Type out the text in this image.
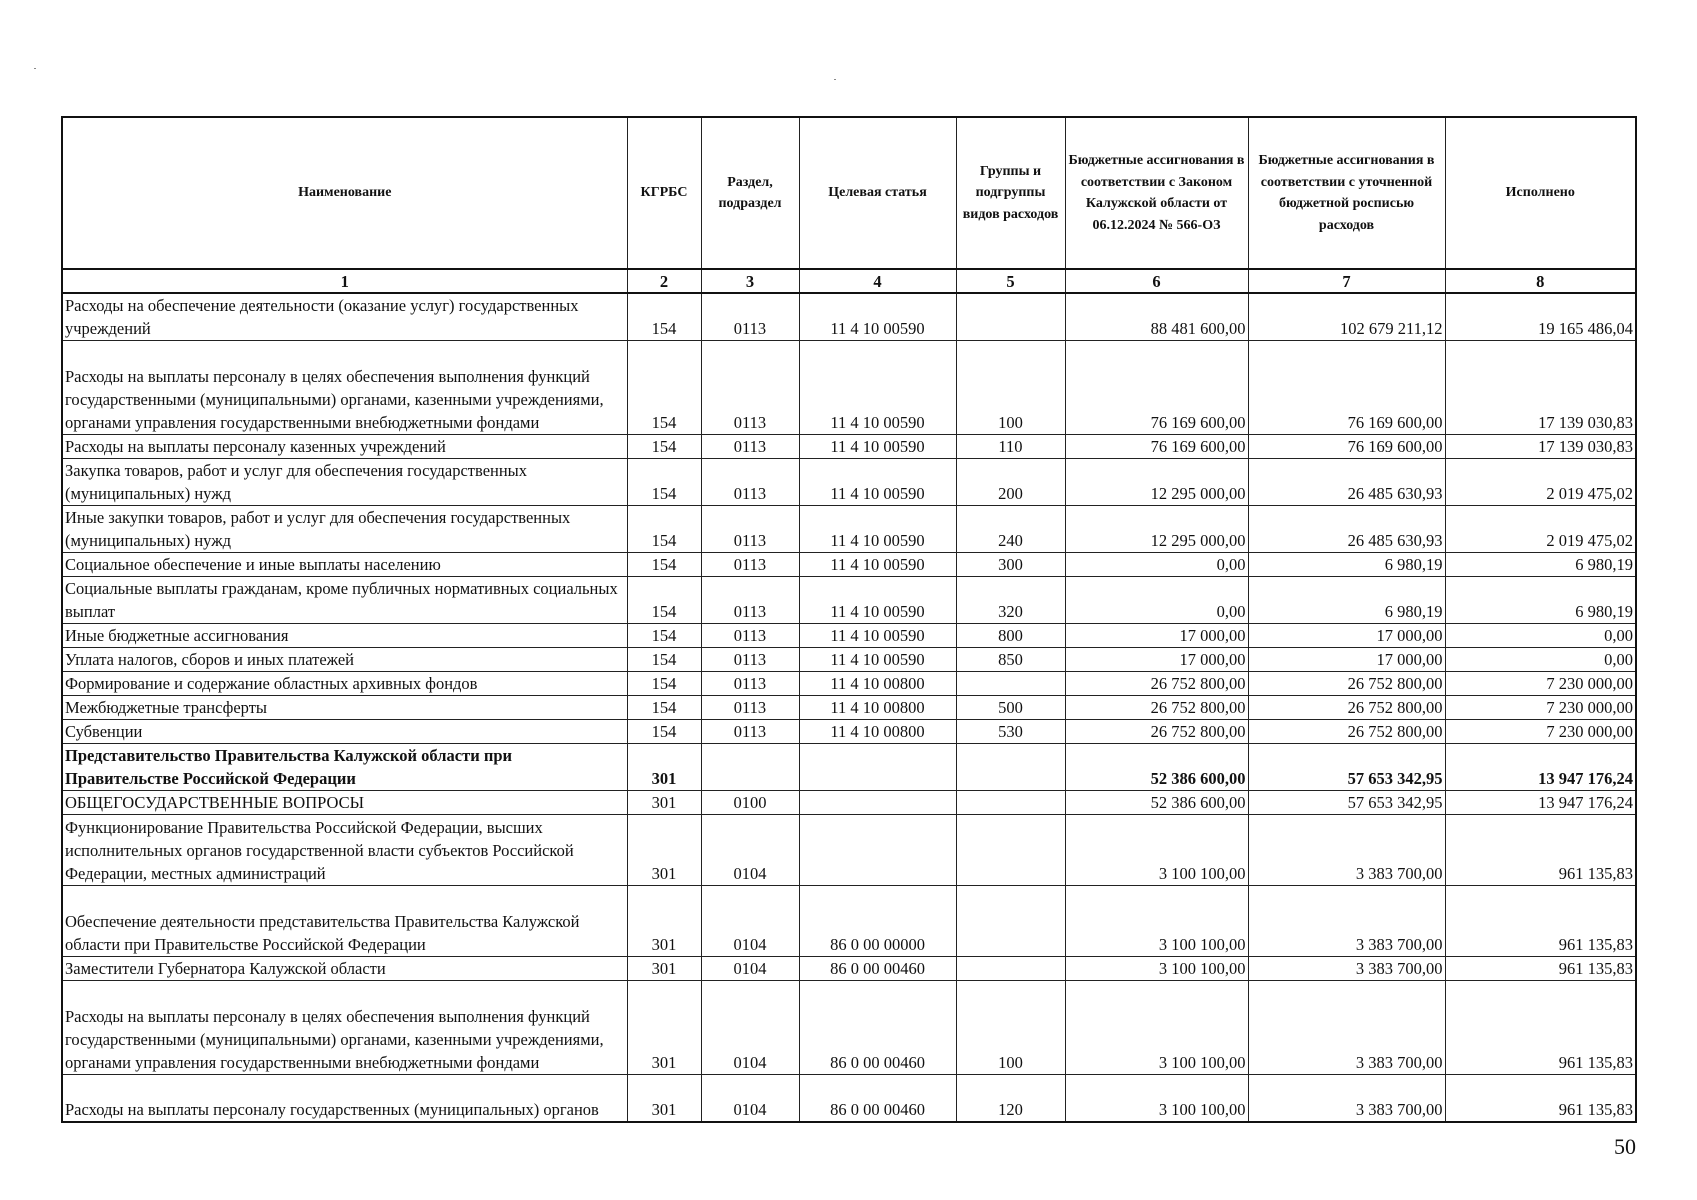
Наименование	КГРБС	Раздел, подраздел	Целевая статья	Группы и подгруппы видов расходов	Бюджетные ассигнования в соответствии с Законом Калужской области от 06.12.2024 № 566-ОЗ	Бюджетные ассигнования в соответствии с уточненной бюджетной росписью расходов	Исполнено
1	2	3	4	5	6	7	8
Расходы на обеспечение деятельности (оказание услуг) государственных учреждений	154	0113	11 4 10 00590		88 481 600,00	102 679 211,12	19 165 486,04
Расходы на выплаты персоналу в целях обеспечения выполнения функций государственными (муниципальными) органами, казенными учреждениями, органами управления государственными внебюджетными фондами	154	0113	11 4 10 00590	100	76 169 600,00	76 169 600,00	17 139 030,83
Расходы на выплаты персоналу казенных учреждений	154	0113	11 4 10 00590	110	76 169 600,00	76 169 600,00	17 139 030,83
Закупка товаров, работ и услуг для обеспечения государственных (муниципальных) нужд	154	0113	11 4 10 00590	200	12 295 000,00	26 485 630,93	2 019 475,02
Иные закупки товаров, работ и услуг для обеспечения государственных (муниципальных) нужд	154	0113	11 4 10 00590	240	12 295 000,00	26 485 630,93	2 019 475,02
Социальное обеспечение и иные выплаты населению	154	0113	11 4 10 00590	300	0,00	6 980,19	6 980,19
Социальные выплаты гражданам, кроме публичных нормативных социальных выплат	154	0113	11 4 10 00590	320	0,00	6 980,19	6 980,19
Иные бюджетные ассигнования	154	0113	11 4 10 00590	800	17 000,00	17 000,00	0,00
Уплата налогов, сборов и иных платежей	154	0113	11 4 10 00590	850	17 000,00	17 000,00	0,00
Формирование и содержание областных архивных фондов	154	0113	11 4 10 00800		26 752 800,00	26 752 800,00	7 230 000,00
Межбюджетные трансферты	154	0113	11 4 10 00800	500	26 752 800,00	26 752 800,00	7 230 000,00
Субвенции	154	0113	11 4 10 00800	530	26 752 800,00	26 752 800,00	7 230 000,00
Представительство Правительства Калужской области при Правительстве Российской Федерации	301				52 386 600,00	57 653 342,95	13 947 176,24
ОБЩЕГОСУДАРСТВЕННЫЕ ВОПРОСЫ	301	0100			52 386 600,00	57 653 342,95	13 947 176,24
Функционирование Правительства Российской Федерации, высших исполнительных органов государственной власти субъектов Российской Федерации, местных администраций	301	0104			3 100 100,00	3 383 700,00	961 135,83
Обеспечение деятельности представительства Правительства Калужской области при Правительстве Российской Федерации	301	0104	86 0 00 00000		3 100 100,00	3 383 700,00	961 135,83
Заместители Губернатора Калужской области	301	0104	86 0 00 00460		3 100 100,00	3 383 700,00	961 135,83
Расходы на выплаты персоналу в целях обеспечения выполнения функций государственными (муниципальными) органами, казенными учреждениями, органами управления государственными внебюджетными фондами	301	0104	86 0 00 00460	100	3 100 100,00	3 383 700,00	961 135,83
Расходы на выплаты персоналу государственных (муниципальных) органов	301	0104	86 0 00 00460	120	3 100 100,00	3 383 700,00	961 135,83
50
